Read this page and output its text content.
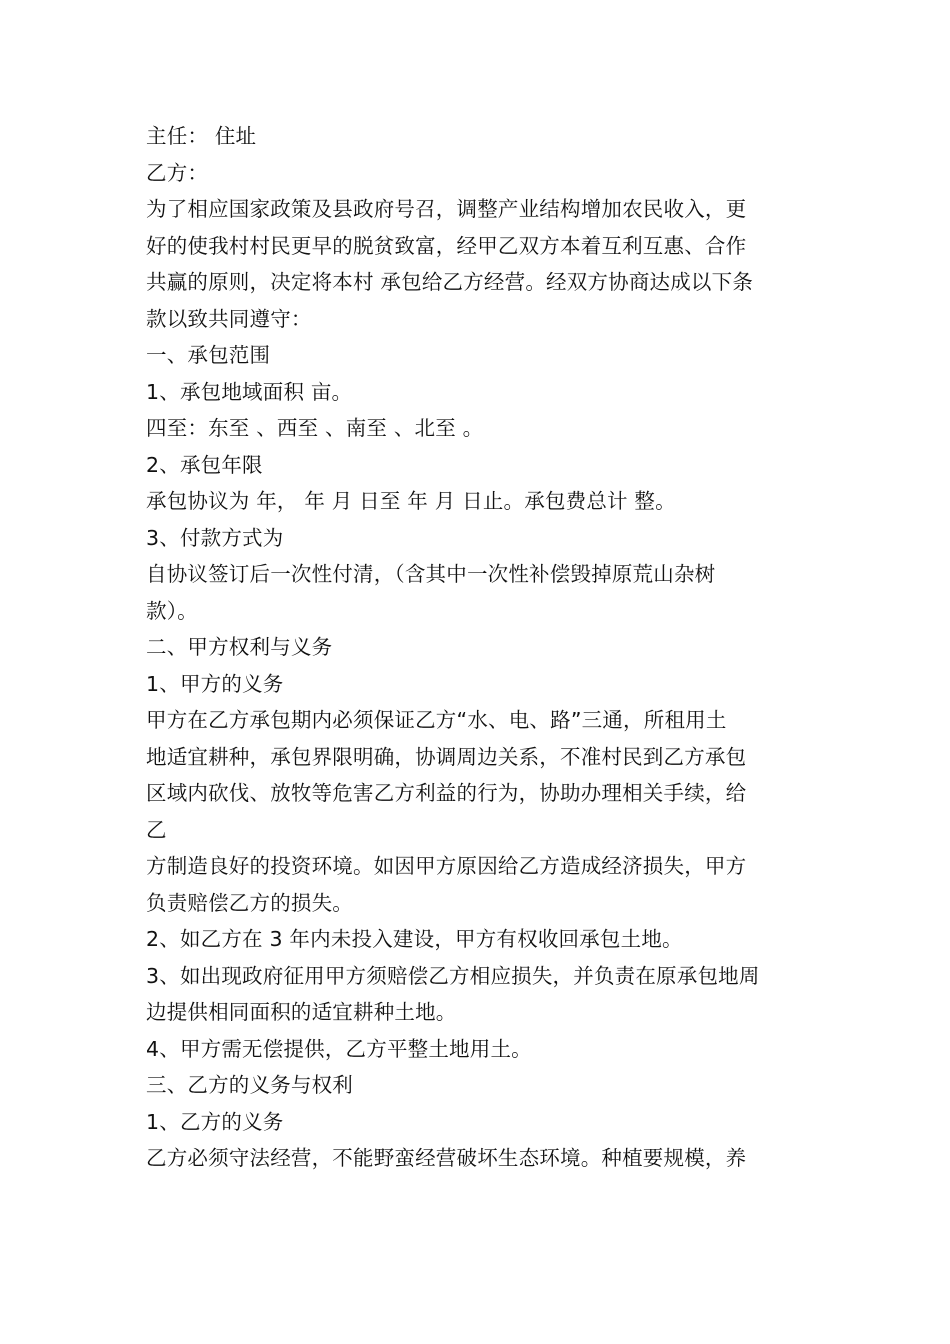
主任： 住址
乙方：
为了相应国家政策及县政府号召，调整产业结构增加农民收入，更
好的使我村村民更早的脱贫致富，经甲乙双方本着互利互惠、合作
共赢的原则，决定将本村 承包给乙方经营。经双方协商达成以下条
款以致共同遵守：
一、承包范围
1、承包地域面积 亩。
四至：东至 、西至 、南至 、北至 。
2、承包年限
承包协议为 年， 年 月 日至 年 月 日止。承包费总计 整。
3、付款方式为
自协议签订后一次性付清，（含其中一次性补偿毁掉原荒山杂树
款）。
二、甲方权利与义务
1、甲方的义务
甲方在乙方承包期内必须保证乙方“水、电、路”三通，所租用土
地适宜耕种，承包界限明确，协调周边关系，不准村民到乙方承包
区域内砍伐、放牧等危害乙方利益的行为，协助办理相关手续，给
乙
方制造良好的投资环境。如因甲方原因给乙方造成经济损失，甲方
负责赔偿乙方的损失。
2、如乙方在 3 年内未投入建设，甲方有权收回承包土地。
3、如出现政府征用甲方须赔偿乙方相应损失，并负责在原承包地周
边提供相同面积的适宜耕种土地。
4、甲方需无偿提供，乙方平整土地用土。
三、乙方的义务与权利
1、乙方的义务
乙方必须守法经营，不能野蛮经营破坏生态环境。种植要规模，养
